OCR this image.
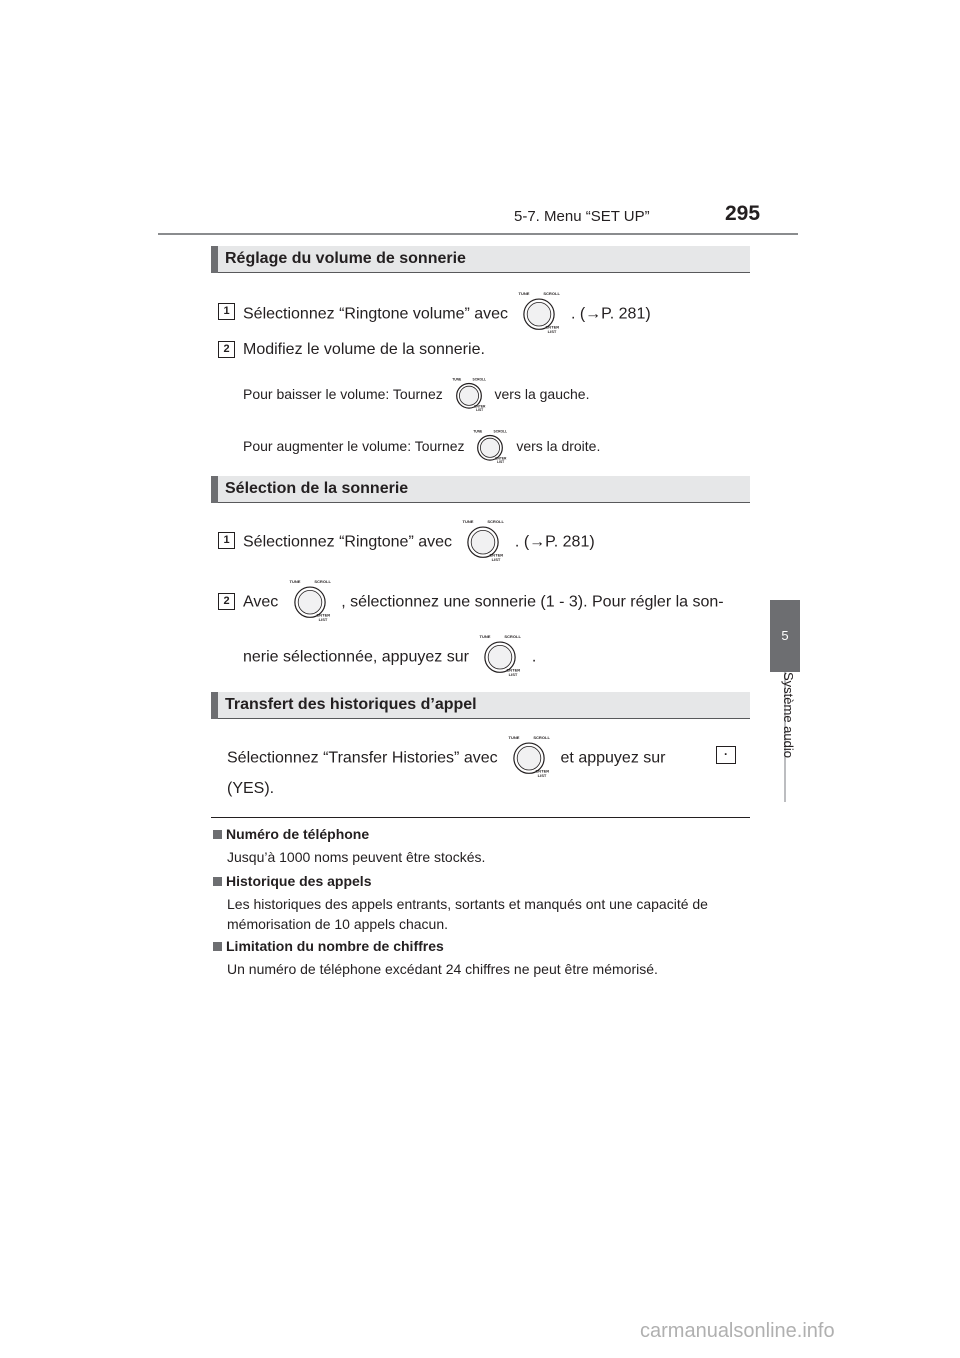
5-7. Menu “SET UP”	295
5
Système audio
Réglage du volume de sonnerie
1 Sélectionnez “Ringtone volume” avec
TUNE	SCROLL
ENTER
LIST
. (→P. 281)
2 Modifiez le volume de la sonnerie.
Pour baisser le volume: Tournez
TUNE	SCROLL
ENTER
LIST
vers la gauche.
Pour augmenter le volume: Tournez
TUNE	SCROLL
ENTER
LIST
vers la droite.
Sélection de la sonnerie
1 Sélectionnez “Ringtone” avec
TUNE	SCROLL
ENTER
LIST
. (→P. 281)
2 Avec
TUNE	SCROLL
ENTER
LIST
, sélectionnez une sonnerie (1 - 3). Pour régler la son-
nerie sélectionnée, appuyez sur
TUNE	SCROLL
ENTER
LIST
.
Transfert des historiques d’appel
Sélectionnez “Transfer Histories” avec
TUNE	SCROLL
ENTER
LIST
et appuyez sur	·
(YES).
Numéro de téléphone
Jusqu’à 1000 noms peuvent être stockés.
Historique des appels
Les historiques des appels entrants, sortants et manqués ont une capacité de mémorisation de 10 appels chacun.
Limitation du nombre de chiffres
Un numéro de téléphone excédant 24 chiffres ne peut être mémorisé.
carmanualsonline.info
